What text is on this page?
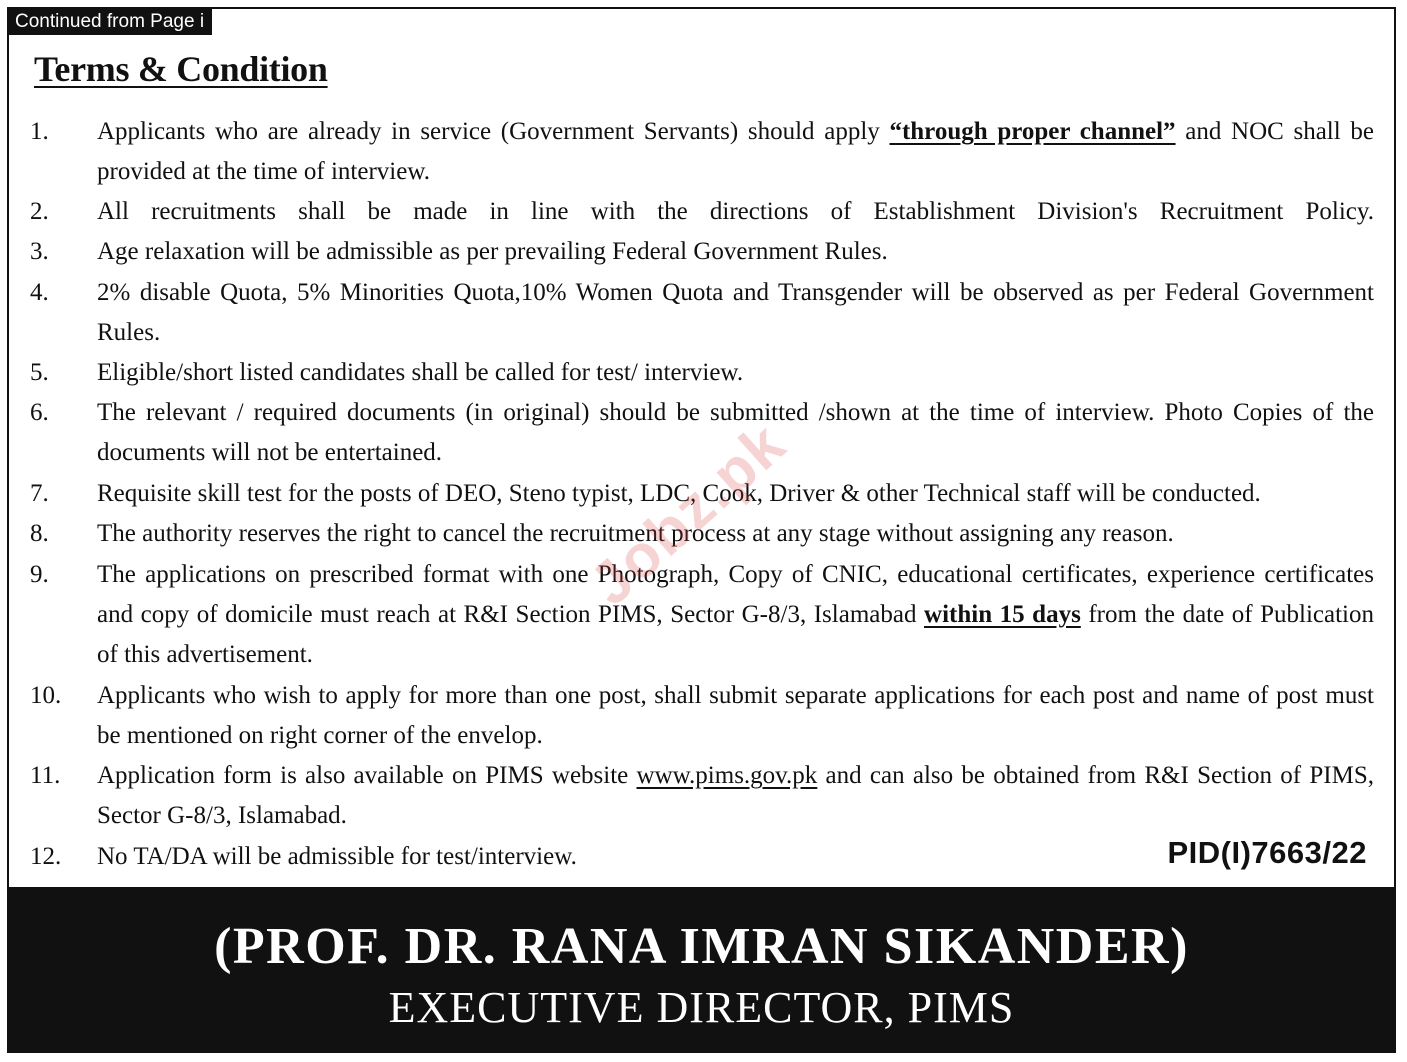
Continued from Page i
Terms & Condition
1. Applicants who are already in service (Government Servants) should apply “through proper channel” and NOC shall be provided at the time of interview.
2. All recruitments shall be made in line with the directions of Establishment Division's Recruitment Policy.
3. Age relaxation will be admissible as per prevailing Federal Government Rules.
4. 2% disable Quota, 5% Minorities Quota,10% Women Quota and Transgender will be observed as per Federal Government Rules.
5. Eligible/short listed candidates shall be called for test/ interview.
6. The relevant / required documents (in original) should be submitted /shown at the time of interview. Photo Copies of the documents will not be entertained.
7. Requisite skill test for the posts of DEO, Steno typist, LDC, Cook, Driver & other Technical staff will be conducted.
8. The authority reserves the right to cancel the recruitment process at any stage without assigning any reason.
9. The applications on prescribed format with one Photograph, Copy of CNIC, educational certificates, experience certificates and copy of domicile must reach at R&I Section PIMS, Sector G-8/3, Islamabad within 15 days from the date of Publication of this advertisement.
10. Applicants who wish to apply for more than one post, shall submit separate applications for each post and name of post must be mentioned on right corner of the envelop.
11. Application form is also available on PIMS website www.pims.gov.pk and can also be obtained from R&I Section of PIMS, Sector G-8/3, Islamabad.
12. No TA/DA will be admissible for test/interview.	PID(I)7663/22
Jobz.pk
(PROF. DR. RANA IMRAN SIKANDER)
EXECUTIVE DIRECTOR, PIMS
